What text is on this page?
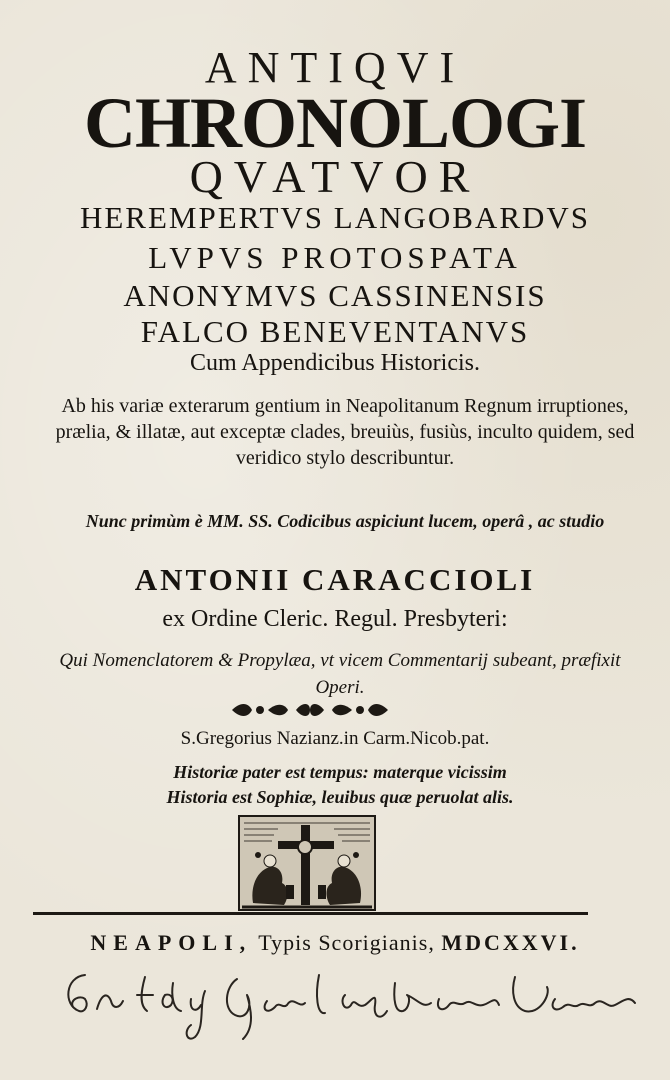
ANTIQVI
CHRONOLOGI
QVATVOR
HEREMPERTVS LANGOBARDVS
LVPVS PROTOSPATA
ANONYMVS CASSINENSIS
FALCO BENEVENTANVS
Cum Appendicibus Historicis.
Ab his variæ exterarum gentium in Neapolitanum Regnum irruptiones, prælia, & illatæ, aut exceptæ clades, breuiùs, fusiùs, inculto quidem, sed veridico stylo describuntur.
Nunc primùm è MM. SS. Codicibus aspiciunt lucem, operâ , ac studio
ANTONII CARACCIOLI
ex Ordine Cleric. Regul. Presbyteri:
Qui Nomenclatorem & Propylæa, vt vicem Commentarij subeant, præfixit Operi.
S.Gregorius Nazianz.in Carm.Nicob.pat.
Historiæ pater est tempus: materque vicissim
Historia est Sophiæ, leuibus quæ peruolat alis.
NEAPOLI, Typis Scorigianis, MDCXXVI.
